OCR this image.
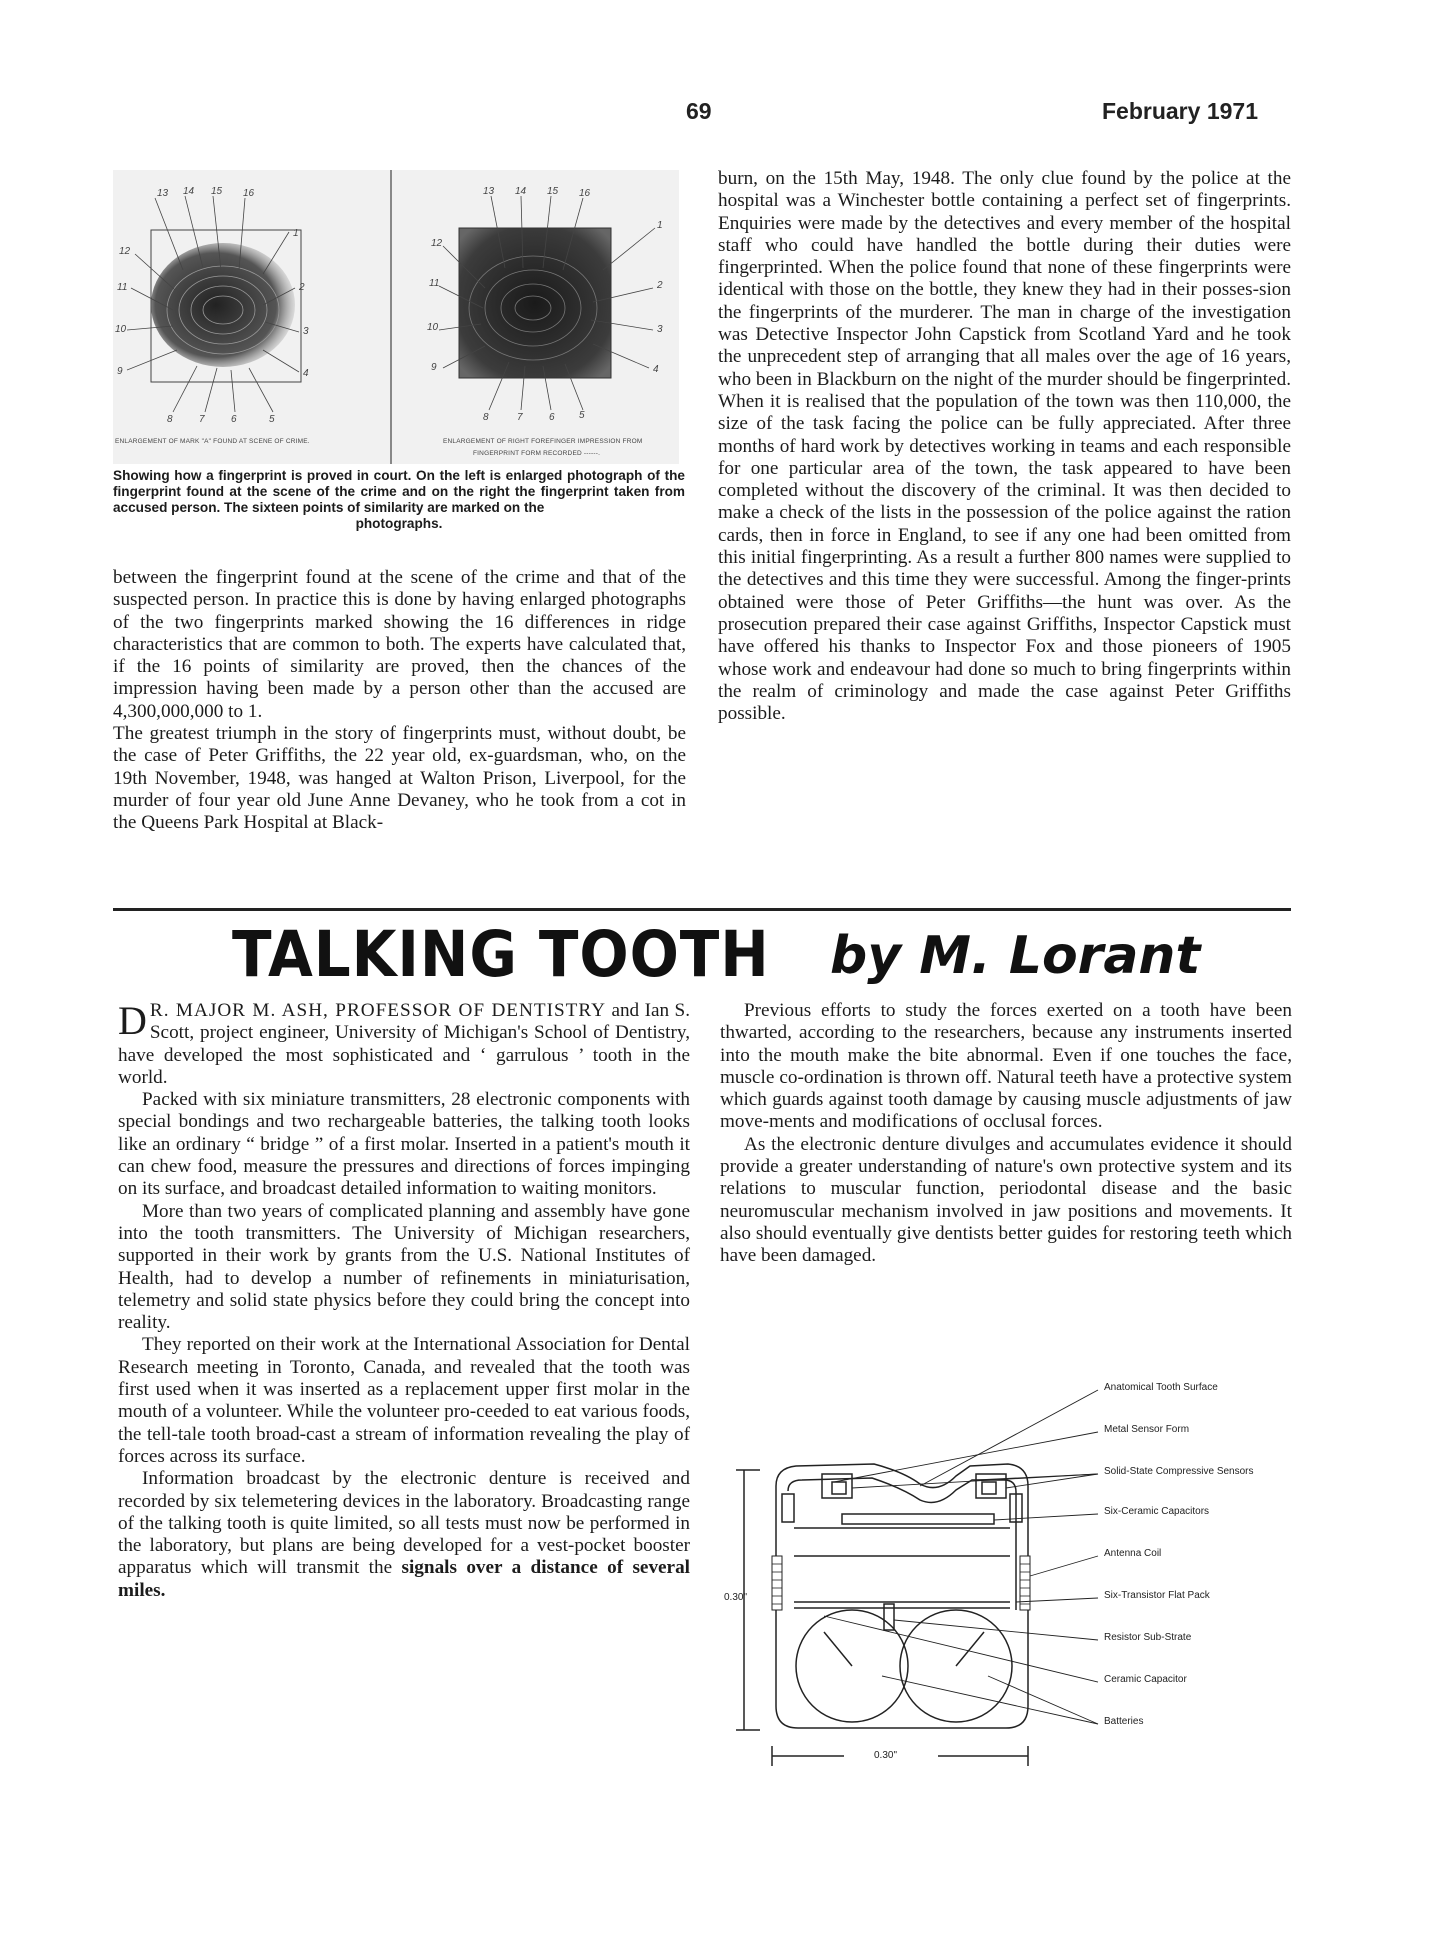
69	February 1971
13 14 15 16
1
12
11	2
10	3
9	4
8	7	6	5
13 14 15 16
1
12
11	2
10	3
9	4
8	7	6 5
ENLARGEMENT OF MARK "A" FOUND AT SCENE OF CRIME.	ENLARGEMENT OF RIGHT FOREFINGER IMPRESSION FROM
FINGERPRINT FORM RECORDED ------.
Showing how a fingerprint is proved in court. On the left is enlarged photograph of the fingerprint found at the scene of the crime and on the right the fingerprint taken from accused person. The sixteen points of similarity are marked on the
photographs.

between the fingerprint found at the scene of the crime and that of the suspected person. In practice this is done by having enlarged photographs of the two fingerprints marked showing the 16 differences in ridge characteristics that are common to both. The experts have calculated that, if the 16 points of similarity are proved, then the chances of the impression having been made by a person other than the accused are 4,300,000,000 to 1.

The greatest triumph in the story of fingerprints must, without doubt, be the case of Peter Griffiths, the 22 year old, ex-guardsman, who, on the 19th November, 1948, was hanged at Walton Prison, Liverpool, for the murder of four year old June Anne Devaney, who he took from a cot in the Queens Park Hospital at Black-

burn, on the 15th May, 1948. The only clue found by the police at the hospital was a Winchester bottle containing a perfect set of fingerprints. Enquiries were made by the detectives and every member of the hospital staff who could have handled the bottle during their duties were fingerprinted. When the police found that none of these fingerprints were identical with those on the bottle, they knew they had in their posses-sion the fingerprints of the murderer. The man in charge of the investigation was Detective Inspector John Capstick from Scotland Yard and he took the unprecedent step of arranging that all males over the age of 16 years, who been in Blackburn on the night of the murder should be fingerprinted. When it is realised that the population of the town was then 110,000, the size of the task facing the police can be fully appreciated. After three months of hard work by detectives working in teams and each responsible for one particular area of the town, the task appeared to have been completed without the discovery of the criminal. It was then decided to make a check of the lists in the possession of the police against the ration cards, then in force in England, to see if any one had been omitted from this initial fingerprinting. As a result a further 800 names were supplied to the detectives and this time they were successful. Among the finger-prints obtained were those of Peter Griffiths—the hunt was over. As the prosecution prepared their case against Griffiths, Inspector Capstick must have offered his thanks to Inspector Fox and those pioneers of 1905 whose work and endeavour had done so much to bring fingerprints within the realm of criminology and made the case against Peter Griffiths possible.

TALKING TOOTH by M. Lorant

D R. MAJOR M. ASH, PROFESSOR OF DENTISTRY and Ian S. Scott, project engineer, University of Michigan's School of Dentistry, have developed the most sophisticated and ‘ garrulous ’ tooth in the world.

Packed with six miniature transmitters, 28 electronic components with special bondings and two rechargeable batteries, the talking tooth looks like an ordinary “ bridge ” of a first molar. Inserted in a patient's mouth it can chew food, measure the pressures and directions of forces impinging on its surface, and broadcast detailed information to waiting monitors.

More than two years of complicated planning and assembly have gone into the tooth transmitters. The University of Michigan researchers, supported in their work by grants from the U.S. National Institutes of Health, had to develop a number of refinements in miniaturisation, telemetry and solid state physics before they could bring the concept into reality.

They reported on their work at the International Association for Dental Research meeting in Toronto, Canada, and revealed that the tooth was first used when it was inserted as a replacement upper first molar in the mouth of a volunteer. While the volunteer pro-ceeded to eat various foods, the tell-tale tooth broad-cast a stream of information revealing the play of forces across its surface.

Information broadcast by the electronic denture is received and recorded by six telemetering devices in the laboratory. Broadcasting range of the talking tooth is quite limited, so all tests must now be performed in the laboratory, but plans are being developed for a vest-pocket booster apparatus which will transmit the signals over a distance of several miles.

Previous efforts to study the forces exerted on a tooth have been thwarted, according to the researchers, because any instruments inserted into the mouth make the bite abnormal. Even if one touches the face, muscle co-ordination is thrown off. Natural teeth have a protective system which guards against tooth damage by causing muscle adjustments of jaw move-ments and modifications of occlusal forces.

As the electronic denture divulges and accumulates evidence it should provide a greater understanding of nature's own protective system and its relations to muscular function, periodontal disease and the basic neuromuscular mechanism involved in jaw positions and movements. It also should eventually give dentists better guides for restoring teeth which have been damaged.

Anatomical Tooth Surface
Metal Sensor Form
Solid-State Compressive Sensors
Six-Ceramic Capacitors
Antenna Coil
Six-Transistor Flat Pack
Resistor Sub-Strate
Ceramic Capacitor
Batteries
0.30"
0.30"
